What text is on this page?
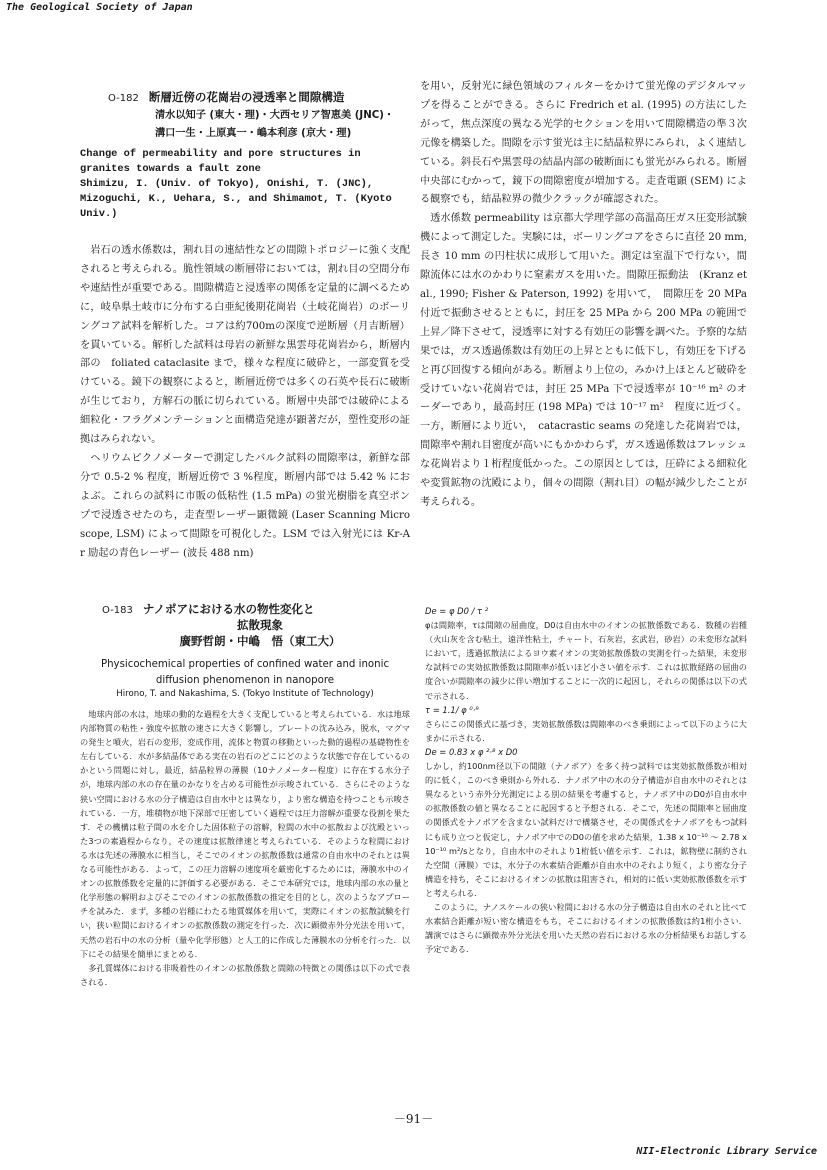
The Geological Society of Japan
O-182 断層近傍の花崗岩の浸透率と間隙構造
清水以知子 (東大・理)・大西セリア智恵美 (JNC)・
溝口一生・上原真一・嶋本利彦 (京大・理)
Change of permeability and pore structures in granites towards a fault zone
Shimizu, I. (Univ. of Tokyo), Onishi, T. (JNC), Mizoguchi, K., Uehara, S., and Shimamot, T. (Kyoto Univ.)

岩石の透水係数は，割れ目の連結性などの間隙トポロジーに強く支配されると考えられる。脆性領域の断層帯においては，割れ目の空間分布や連結性が重要である。間隙構造と浸透率の関係を定量的に調べるために，岐阜県土岐市に分布する白亜紀後期花崗岩（土岐花崗岩）のボーリングコア試料を解析した。コアは約700mの深度で逆断層（月吉断層）を貫いている。解析した試料は母岩の新鮮な黒雲母花崗岩から，断層内部の　foliated cataclasite まで，様々な程度に破砕と，一部変質を受けている。鏡下の観察によると，断層近傍では多くの石英や長石に破断が生じており，方解石の脈に切られている。断層中央部では破砕による細粒化・フラグメンテーションと面構造発達が顕著だが，塑性変形の証拠はみられない。

ヘリウムピクノメーターで測定したバルク試料の間隙率は，新鮮な部分で 0.5-2 % 程度，断層近傍で 3 %程度，断層内部では 5.42 % におよぶ。これらの試料に市販の低粘性 (1.5 mPa) の蛍光樹脂を真空ポンプで浸透させたのち，走査型レーザー顕微鏡 (Laser Scanning Microscope, LSM) によって間隙を可視化した。LSM では入射光には Kr-Ar 励起の青色レーザー (波長 488 nm)

を用い，反射光に緑色領域のフィルターをかけて蛍光像のデジタルマップを得ることができる。さらに Fredrich et al. (1995) の方法にしたがって，焦点深度の異なる光学的セクションを用いて間隙構造の準３次元像を構築した。間隙を示す蛍光は主に結晶粒界にみられ，よく連結している。斜長石や黒雲母の結晶内部の破断面にも蛍光がみられる。断層中央部にむかって，鏡下の間隙密度が増加する。走査電顕 (SEM) による観察でも，結晶粒界の微少クラックが確認された。

透水係数 permeability は京都大学理学部の高温高圧ガス圧変形試験機によって測定した。実験には，ボーリングコアをさらに直径 20 mm, 長さ 10 mm の円柱状に成形して用いた。測定は室温下で行ない，間隙流体には水のかわりに窒素ガスを用いた。間隙圧振動法　(Kranz et al., 1990; Fisher & Paterson, 1992) を用いて，　間隙圧を 20 MPa 付近で振動させるとともに，封圧を 25 MPa から 200 MPa の範囲で上昇／降下させて，浸透率に対する有効圧の影響を調べた。予察的な結果では，ガス透過係数は有効圧の上昇とともに低下し，有効圧を下げると再び回復する傾向がある。断層より上位の，みかけ上ほとんど破砕を受けていない花崗岩では，封圧 25 MPa 下で浸透率が 10⁻¹⁶ m² のオーダーであり，最高封圧 (198 MPa) では 10⁻¹⁷ m²　程度に近づく。一方，断層により近い，　catacrastic seams の発達した花崗岩では，間隙率や割れ目密度が高いにもかかわらず，ガス透過係数はフレッシュな花崗岩より１桁程度低かった。この原因としては，圧砕による細粒化や変質鉱物の沈殿により，個々の間隙（割れ目）の幅が減少したことが考えられる。

O-183 ナノポアにおける水の物性変化と
拡散現象
廣野哲朗・中嶋　悟（東工大）
Physicochemical properties of confined water and inonic
diffusion phenomenon in nanopore
Hirono, T. and Nakashima, S. (Tokyo Institute of Technology)

地球内部の水は，地球の動的な過程を大きく支配していると考えられている．水は地球内部物質の粘性・強度や拡散の速さに大きく影響し，プレートの沈み込み，脱水，マグマの発生と噴火，岩石の変形，変成作用，流体と物質の移動といった動的過程の基礎物性を左右している．水が多結晶体である実在の岩石のどこにどのような状態で存在しているのかという問題に対し，最近，結晶粒界の薄膜（10ナノメーター程度）に存在する水分子が，地球内部の水の存在量のかなりを占める可能性が示唆されている．さらにそのような狭い空間における水の分子構造は自由水中とは異なり，より密な構造を持つことも示唆されている．一方，堆積物が地下深部で圧密していく過程では圧力溶解が重要な役割を果たす．その機構は粒子間の水を介した固体粒子の溶解，粒間の水中の拡散および沈殿といった3つの素過程からなり，その速度は拡散律速と考えられている．そのような粒間における水は先述の薄膜水に相当し，そこでのイオンの拡散係数は通常の自由水中のそれとは異なる可能性がある．よって，この圧力溶解の速度項を厳密化するためには，薄膜水中のイオンの拡散係数を定量的に評価する必要がある．そこで本研究では，地球内部の水の量と化学形態の解明およびそこでのイオンの拡散係数の推定を目的とし，次のようなアプローチを試みた．まず，多種の岩種にわたる地質媒体を用いて，実際にイオンの拡散試験を行い，狭い粒間におけるイオンの拡散係数の測定を行った．次に顕微赤外分光法を用いて，天然の岩石中の水の分析（量や化学形態）と人工的に作成した薄膜水の分析を行った．以下にその結果を簡単にまとめる．

多孔質媒体における非吸着性のイオンの拡散係数と間隙の特徴との関係は以下の式で表される．

De = φ D0 / τ ²

φは間隙率，τは間隙の屈曲度，D0は自由水中のイオンの拡散係数である．数種の岩種（火山灰を含む粘土，遠洋性粘土，チャート，石灰岩，玄武岩，砂岩）の未変形な試料において，透過拡散法によるヨウ素イオンの実効拡散係数の実測を行った結果，未変形な試料での実効拡散係数は間隙率が低いほど小さい値を示す．これは拡散経路の屈曲の度合いが間隙率の減少に伴い増加することに一次的に起因し，それらの関係は以下の式で示される．

τ = 1.1/ φ ⁰·⁹

さらにこの関係式に基づき，実効拡散係数は間隙率のべき乗則によって以下のように大まかに示される．

De = 0.83 x φ ²·⁸ x D0

しかし，約100nm径以下の間隙（ナノポア）を多く持つ試料では実効拡散係数が相対的に低く，このべき乗則から外れる．ナノポア中の水の分子構造が自由水中のそれとは異なるという赤外分光測定による別の結果を考慮すると，ナノポア中のD0が自由水中の拡散係数の値と異なることに起因すると予想される．そこで，先述の間隙率と屈曲度の関係式をナノポアを含まない試料だけで構築させ，その関係式をナノポアをもつ試料にも成り立つと仮定し，ナノポア中でのD0の値を求めた結果，1.38 x 10⁻¹⁰ ～ 2.78 x 10⁻¹⁰ m²/sとなり，自由水中のそれより1桁低い値を示す．これは，鉱物壁に制約された空間（薄膜）では，水分子の水素結合距離が自由水中のそれより短く，より密な分子構造を持ち，そこにおけるイオンの拡散は阻害され，相対的に低い実効拡散係数を示すと考えられる．

このように，ナノスケールの狭い粒間における水の分子構造は自由水のそれと比べて水素結合距離が短い密な構造をもち，そこにおけるイオンの拡散係数は約1桁小さい．講演ではさらに顕微赤外分光法を用いた天然の岩石における水の分析結果もお話しする予定である．

－91－
NII-Electronic Library Service
